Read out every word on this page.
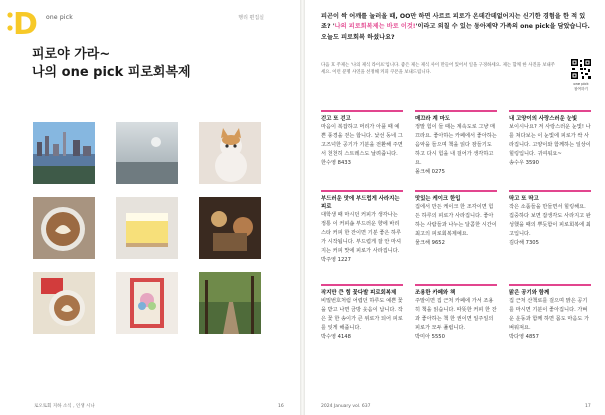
D one pick	행리 편집실
피로야 가라~
나의 one pick 피로회복제
로오토회 지하 소식 , 인생 시나	16
피곤이 싹 어깨를 눌러올 때, OO만 하면 사르르 피로가 온데간데없어지는 신기한 경험을 한 적 있죠? '나의 피로회복제는 바로 이것!'이라고 외칠 수 있는 동아제약 가족의 one pick을 담았습니다. 오늘도 피로회복 하셨나요?
다음 호 주제는 '나의 제식 라이프'입니다. 좋은 제는 제식 사이 만들어 있어서 일을 구경하세요. 제는 함께 한 사진을 보내주세요. 이런 분명 사연을 선정해 커피 쿠폰을 보내드립니다.
one pick
참여하기
걷고 또 걷고
마음이 복잡하고 머리가 아플 때 예쁜 풍경을 걷는 합니다. 낯선 동네 그 고즈넉한 공기가 기분을 전환해 주면서 천천히 스트레스도 날려줍니다.
한수영 8433
매끄라 계 마도
정말 힘이 들 때는 계속도로 그냥 매끄라요. 좋아하는 카페에서 좋아하는 음악을 들으며 책을 읽다 잠들기도 하고 다시 힘을 내 걸어가 생각하고요.
몰크혜 0275
내 고양이의 사랑스러운 눈빛
보이시나요? 저 사랑스러운 눈빛! 나를 쳐다보는 이 눈빛에 피로가 싹 사라집니다. 고양이와 함께하는 일상이 힐링입니다. 귀여워요~
송수우 3590
부드러운 맛에 부드럽게 사라지는 피로
대학생 때 마시던 커피가 생각나는 정통 이 커피숍 부드러운 향에 바리스타 커피 한 잔이면 기분 좋은 하루가 시작됩니다. 부드럽게 잘 안 마셔지는 커피 맛에 피로가 사라집니다.
박주영 1227
맛있는 케이크 한입
집에서 만든 케이크 한 조각이면 힘든 하루의 피로가 사라집니다. 좋아하는 사람들과 나누는 달콤한 시간이 최고의 피로회복제예요.
물크해 9652
딱고 또 딱고
작은 소품들을 만들면서 힐링해요. 집중하다 보면 잡생각도 사라지고 완성했을 때의 뿌듯함이 피로회복에 최고입니다.
김다해 7305
작지만 큰 힘 꽃다발 피로회복제
비밀번호처럼 어렵던 하루도 예쁜 꽃을 받고 나면 금방 웃음이 납니다. 작은 꽃 한 송이가 큰 위로가 되어 피로를 잊게 해줍니다.
박수영 4148
조용한 카페와 책
주말이면 집 근처 카페에 가서 조용히 책을 읽습니다. 따뜻한 커피 한 잔과 좋아하는 책 한 권이면 일주일의 피로가 모두 풀립니다.
박미아 5550
맑은 공기와 함께
집 근처 산책로를 걸으며 맑은 공기를 마시면 기분이 좋아집니다. 가벼운 운동과 함께 하면 몸도 마음도 가벼워져요.
박다영 4857
2024 January vol. 637	17
